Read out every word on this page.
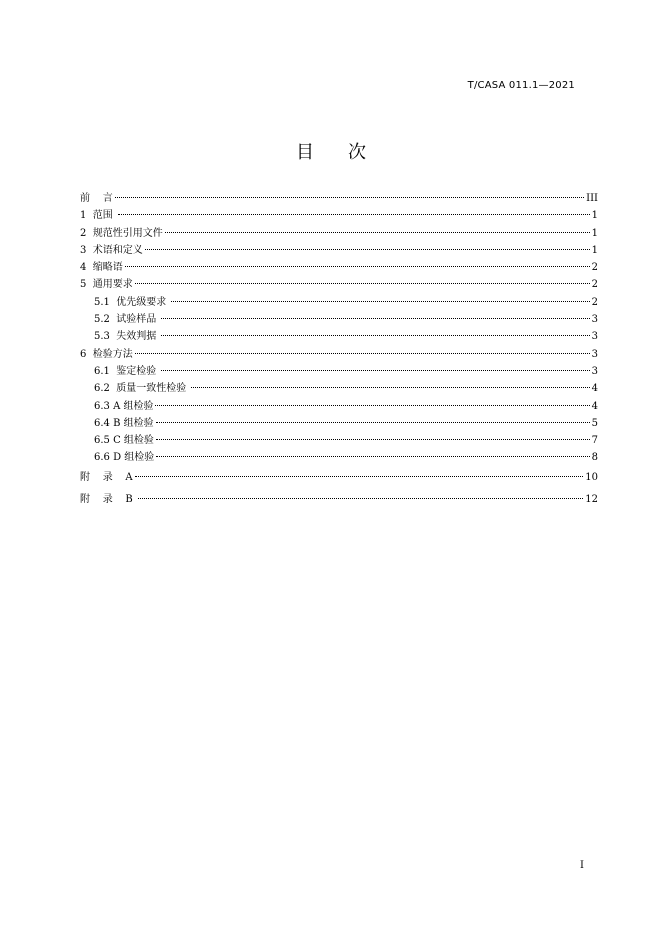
T/CASA 011.1—2021
目 次
前    言	III
1  范围	1
2  规范性引用文件	1
3  术语和定义	1
4  缩略语	2
5  通用要求	2
5.1  优先级要求	2
5.2  试验样品	3
5.3  失效判据	3
6  检验方法	3
6.1  鉴定检验	3
6.2  质量一致性检验	4
6.3 A 组检验	4
6.4 B 组检验	5
6.5 C 组检验	7
6.6 D 组检验	8
附    录    A	10
附    录    B	12
I
